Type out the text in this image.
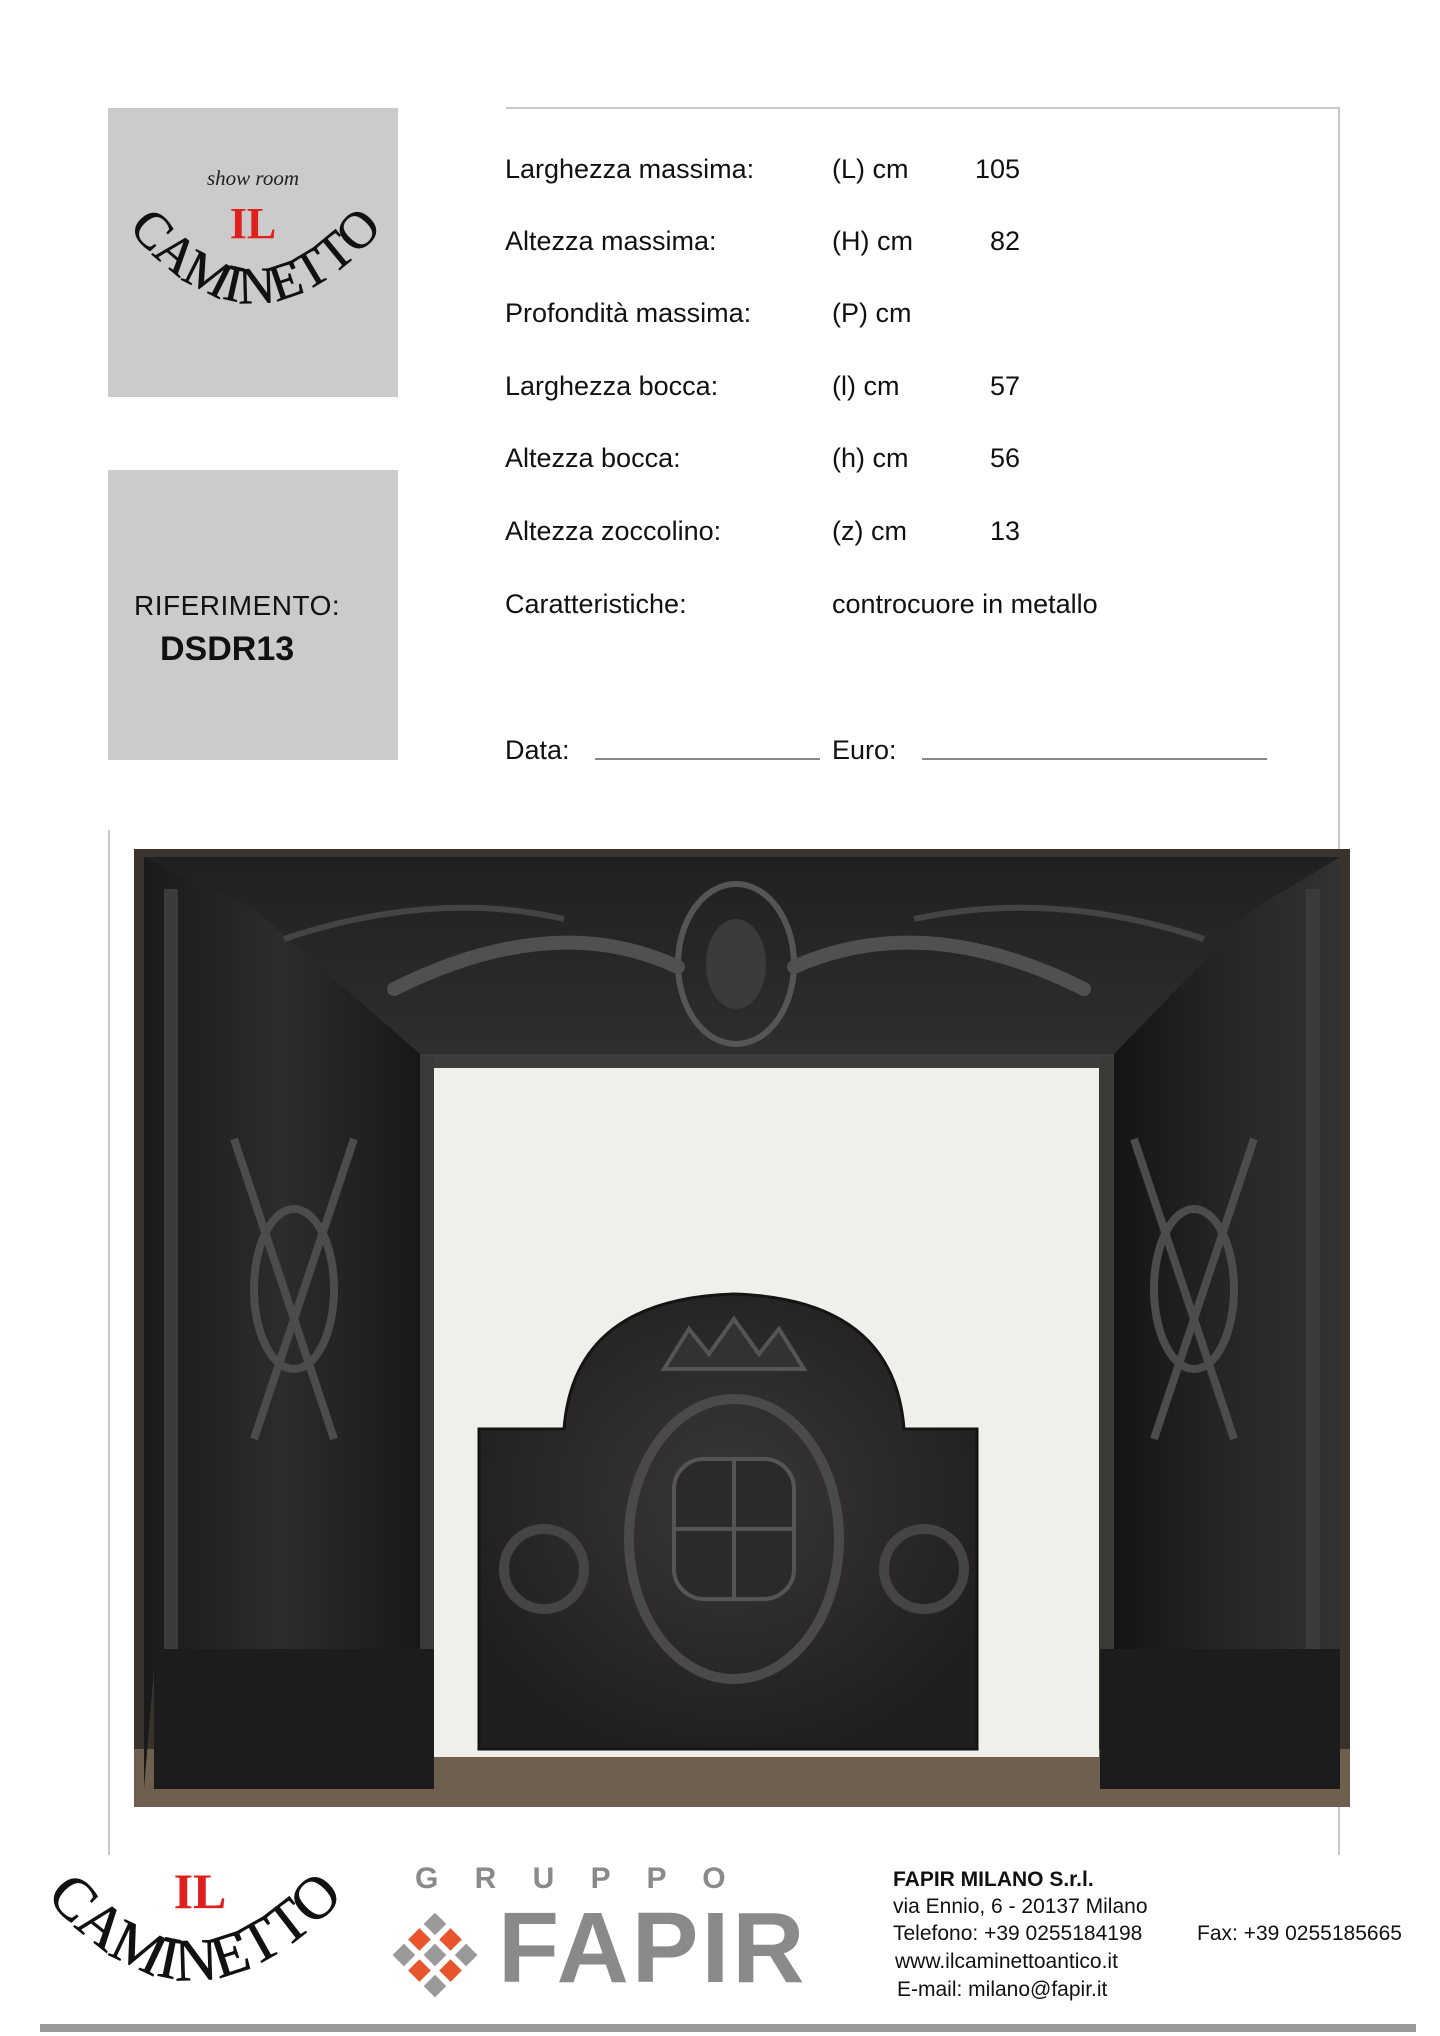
show room
IL
CAMINETTO
RIFERIMENTO:
DSDR13
Larghezza massima:	(L) cm	105
Altezza massima:	(H) cm	82
Profondità massima:	(P) cm
Larghezza bocca:	(l) cm	57
Altezza bocca:	(h) cm	56
Altezza zoccolino:	(z) cm	13
Caratteristiche:	controcuore in metallo
Data:	Euro:
IL
CAMINETTO G R U P P O
FAPIR
FAPIR MILANO S.r.l.
via Ennio, 6 - 20137 Milano
Telefono: +39 0255184198	Fax: +39 0255185665
www.ilcaminettoantico.it
E-mail: milano@fapir.it
